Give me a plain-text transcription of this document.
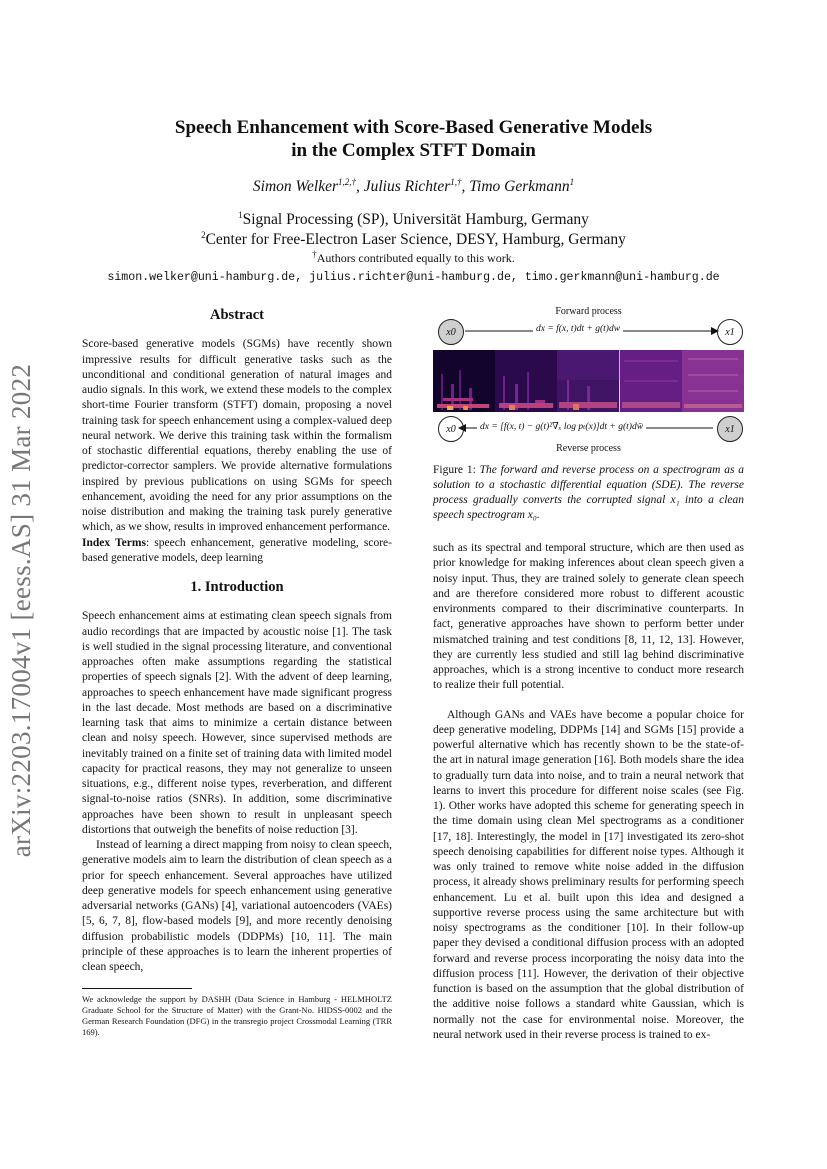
arXiv:2203.17004v1 [eess.AS] 31 Mar 2022
Speech Enhancement with Score-Based Generative Models
in the Complex STFT Domain
Simon Welker$^{1,2,\dagger}$, Julius Richter$^{1,\dagger}$, Timo Gerkmann$^1$
$^1$Signal Processing (SP), Universität Hamburg, Germany
$^2$Center for Free-Electron Laser Science, DESY, Hamburg, Germany
†Authors contributed equally to this work.
simon.welker@uni-hamburg.de, julius.richter@uni-hamburg.de, timo.gerkmann@uni-hamburg.de
Abstract

Score-based generative models (SGMs) have recently shown impressive results for difficult generative tasks such as the unconditional and conditional generation of natural images and audio signals. In this work, we extend these models to the complex short-time Fourier transform (STFT) domain, proposing a novel training task for speech enhancement using a complex-valued deep neural network. We derive this training task within the formalism of stochastic differential equations, thereby enabling the use of predictor-corrector samplers. We provide alternative formulations inspired by previous publications on using SGMs for speech enhancement, avoiding the need for any prior assumptions on the noise distribution and making the training task purely generative which, as we show, results in improved enhancement performance.

Index Terms: speech enhancement, generative modeling, score-based generative models, deep learning

1. Introduction

Speech enhancement aims at estimating clean speech signals from audio recordings that are impacted by acoustic noise [1]. The task is well studied in the signal processing literature, and conventional approaches often make assumptions regarding the statistical properties of speech signals [2]. With the advent of deep learning, approaches to speech enhancement have made significant progress in the last decade. Most methods are based on a discriminative learning task that aims to minimize a certain distance between clean and noisy speech. However, since supervised methods are inevitably trained on a finite set of training data with limited model capacity for practical reasons, they may not generalize to unseen situations, e.g., different noise types, reverberation, and different signal-to-noise ratios (SNRs). In addition, some discriminative approaches have been shown to result in unpleasant speech distortions that outweigh the benefits of noise reduction [3].

Instead of learning a direct mapping from noisy to clean speech, generative models aim to learn the distribution of clean speech as a prior for speech enhancement. Several approaches have utilized deep generative models for speech enhancement using generative adversarial networks (GANs) [4], variational autoencoders (VAEs) [5, 6, 7, 8], flow-based models [9], and more recently denoising diffusion probabilistic models (DDPMs) [10, 11]. The main principle of these approaches is to learn the inherent properties of clean speech,

We acknowledge the support by DASHH (Data Science in Hamburg - HELMHOLTZ Graduate School for the Structure of Matter) with the Grant-No. HIDSS-0002 and the German Research Foundation (DFG) in the transregio project Crossmodal Learning (TRR 169).
Forward process
x0	x1
dx = f(x, t)dt + g(t)dw
x0	x1
dx = [f(x, t) − g(t)²∇ₓ log pₜ(x)]dt + g(t)dw̄
Reverse process
Figure 1: The forward and reverse process on a spectrogram as a solution to a stochastic differential equation (SDE). The reverse process gradually converts the corrupted signal x₁ into a clean speech spectrogram x₀.

such as its spectral and temporal structure, which are then used as prior knowledge for making inferences about clean speech given a noisy input. Thus, they are trained solely to generate clean speech and are therefore considered more robust to different acoustic environments compared to their discriminative counterparts. In fact, generative approaches have shown to perform better under mismatched training and test conditions [8, 11, 12, 13]. However, they are currently less studied and still lag behind discriminative approaches, which is a strong incentive to conduct more research to realize their full potential.

Although GANs and VAEs have become a popular choice for deep generative modeling, DDPMs [14] and SGMs [15] provide a powerful alternative which has recently shown to be the state-of-the art in natural image generation [16]. Both models share the idea to gradually turn data into noise, and to train a neural network that learns to invert this procedure for different noise scales (see Fig. 1). Other works have adopted this scheme for generating speech in the time domain using clean Mel spectrograms as a conditioner [17, 18]. Interestingly, the model in [17] investigated its zero-shot speech denoising capabilities for different noise types. Although it was only trained to remove white noise added in the diffusion process, it already shows preliminary results for performing speech enhancement. Lu et al. built upon this idea and designed a supportive reverse process using the same architecture but with noisy spectrograms as the conditioner [10]. In their follow-up paper they devised a conditional diffusion process with an adopted forward and reverse process incorporating the noisy data into the diffusion process [11]. However, the derivation of their objective function is based on the assumption that the global distribution of the additive noise follows a standard white Gaussian, which is normally not the case for environmental noise. Moreover, the neural network used in their reverse process is trained to ex-
